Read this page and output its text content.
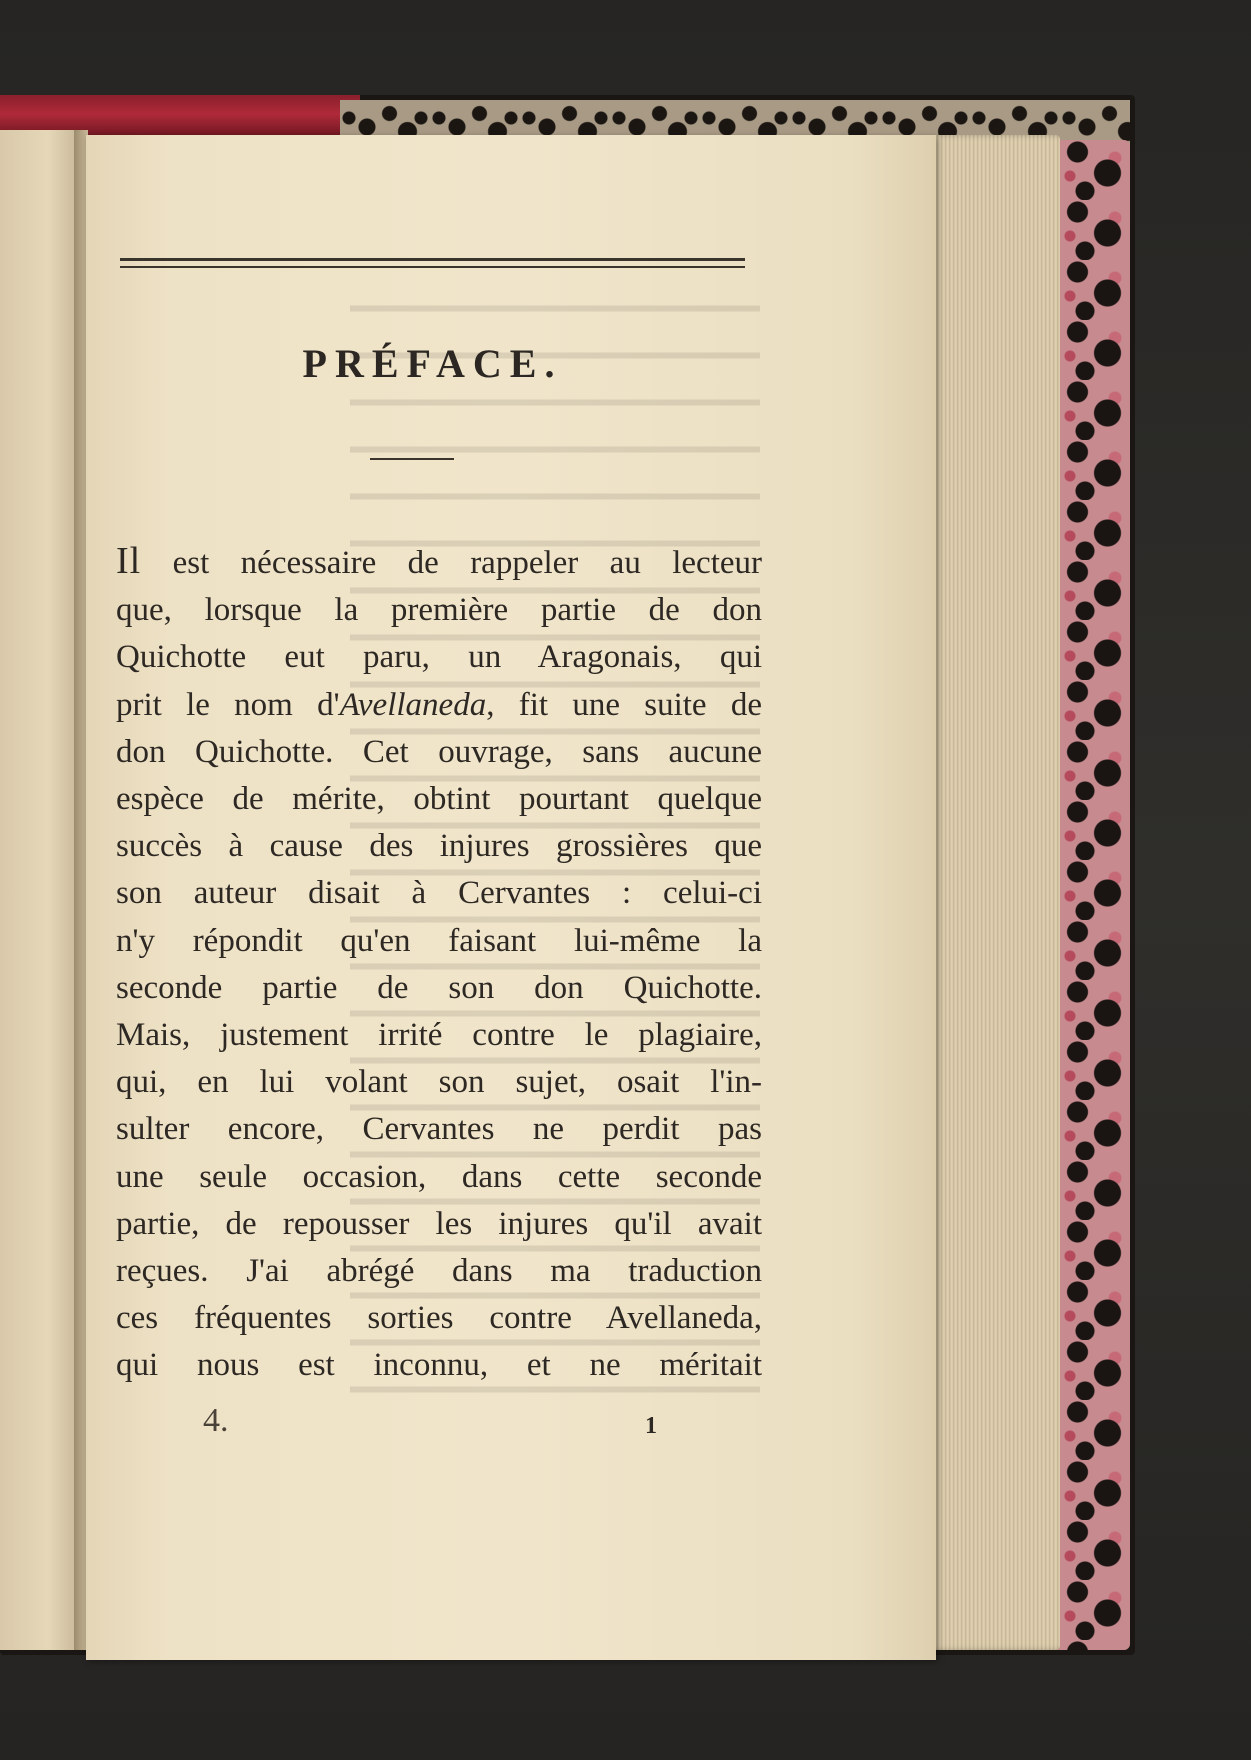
PRÉFACE.
Il est nécessaire de rappeler au lecteur
que, lorsque la première partie de don
Quichotte eut paru, un Aragonais, qui
prit le nom d'Avellaneda, fit une suite de
don Quichotte. Cet ouvrage, sans aucune
espèce de mérite, obtint pourtant quelque
succès à cause des injures grossières que
son auteur disait à Cervantes : celui-ci
n'y répondit qu'en faisant lui-même la
seconde partie de son don Quichotte.
Mais, justement irrité contre le plagiaire,
qui, en lui volant son sujet, osait l'in-
sulter encore, Cervantes ne perdit pas
une seule occasion, dans cette seconde
partie, de repousser les injures qu'il avait
reçues. J'ai abrégé dans ma traduction
ces fréquentes sorties contre Avellaneda,
qui nous est inconnu, et ne méritait
4.	1
